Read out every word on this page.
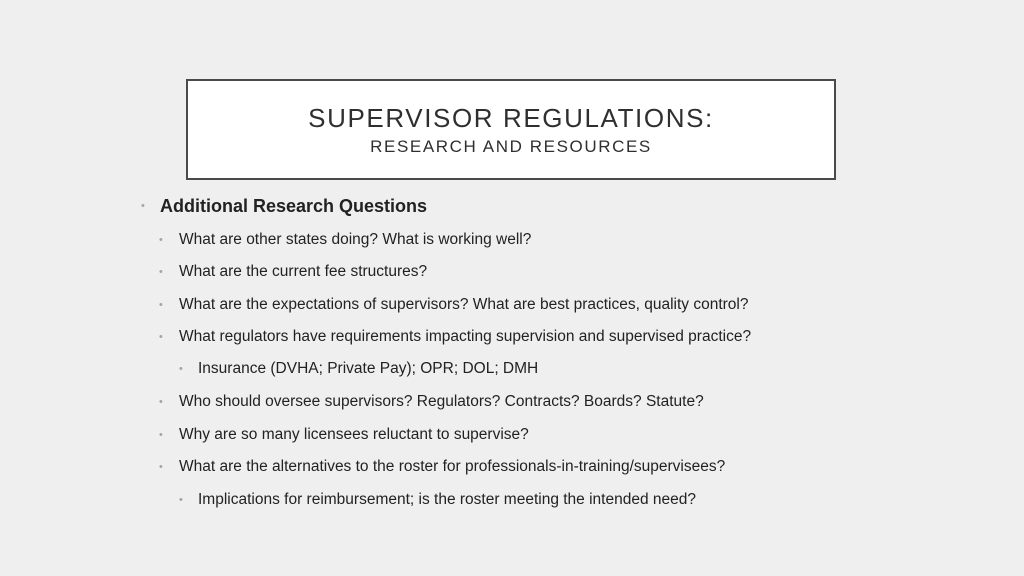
SUPERVISOR REGULATIONS:
RESEARCH AND RESOURCES
• Additional Research Questions
• What are other states doing? What is working well?
• What are the current fee structures?
• What are the expectations of supervisors? What are best practices, quality control?
• What regulators have requirements impacting supervision and supervised practice?
• Insurance (DVHA; Private Pay); OPR; DOL; DMH
• Who should oversee supervisors? Regulators? Contracts? Boards? Statute?
• Why are so many licensees reluctant to supervise?
• What are the alternatives to the roster for professionals-in-training/supervisees?
• Implications for reimbursement; is the roster meeting the intended need?
